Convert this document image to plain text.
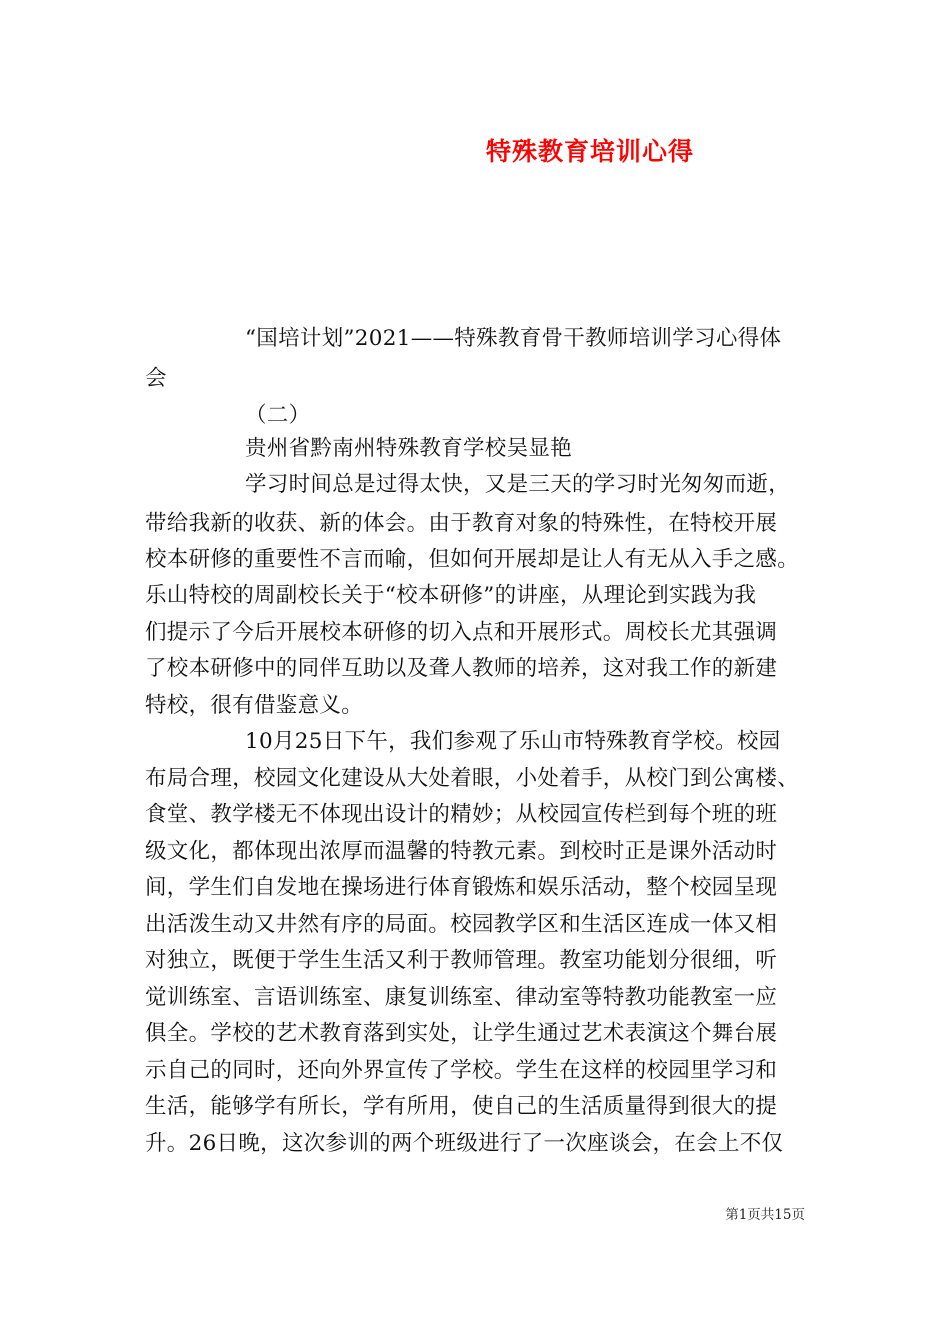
特殊教育培训心得
“国培计划”2021——特殊教育骨干教师培训学习心得体
会
（二）
贵州省黔南州特殊教育学校吴显艳
学习时间总是过得太快，又是三天的学习时光匆匆而逝，
带给我新的收获、新的体会。由于教育对象的特殊性，在特校开展
校本研修的重要性不言而喻，但如何开展却是让人有无从入手之感。
乐山特校的周副校长关于“校本研修”的讲座，从理论到实践为我
们提示了今后开展校本研修的切入点和开展形式。周校长尤其强调
了校本研修中的同伴互助以及聋人教师的培养，这对我工作的新建
特校，很有借鉴意义。
10月25日下午，我们参观了乐山市特殊教育学校。校园
布局合理，校园文化建设从大处着眼，小处着手，从校门到公寓楼、
食堂、教学楼无不体现出设计的精妙；从校园宣传栏到每个班的班
级文化，都体现出浓厚而温馨的特教元素。到校时正是课外活动时
间，学生们自发地在操场进行体育锻炼和娱乐活动，整个校园呈现
出活泼生动又井然有序的局面。校园教学区和生活区连成一体又相
对独立，既便于学生生活又利于教师管理。教室功能划分很细，听
觉训练室、言语训练室、康复训练室、律动室等特教功能教室一应
俱全。学校的艺术教育落到实处，让学生通过艺术表演这个舞台展
示自己的同时，还向外界宣传了学校。学生在这样的校园里学习和
生活，能够学有所长，学有所用，使自己的生活质量得到很大的提
升。26日晚，这次参训的两个班级进行了一次座谈会，在会上不仅
第1页共15页
